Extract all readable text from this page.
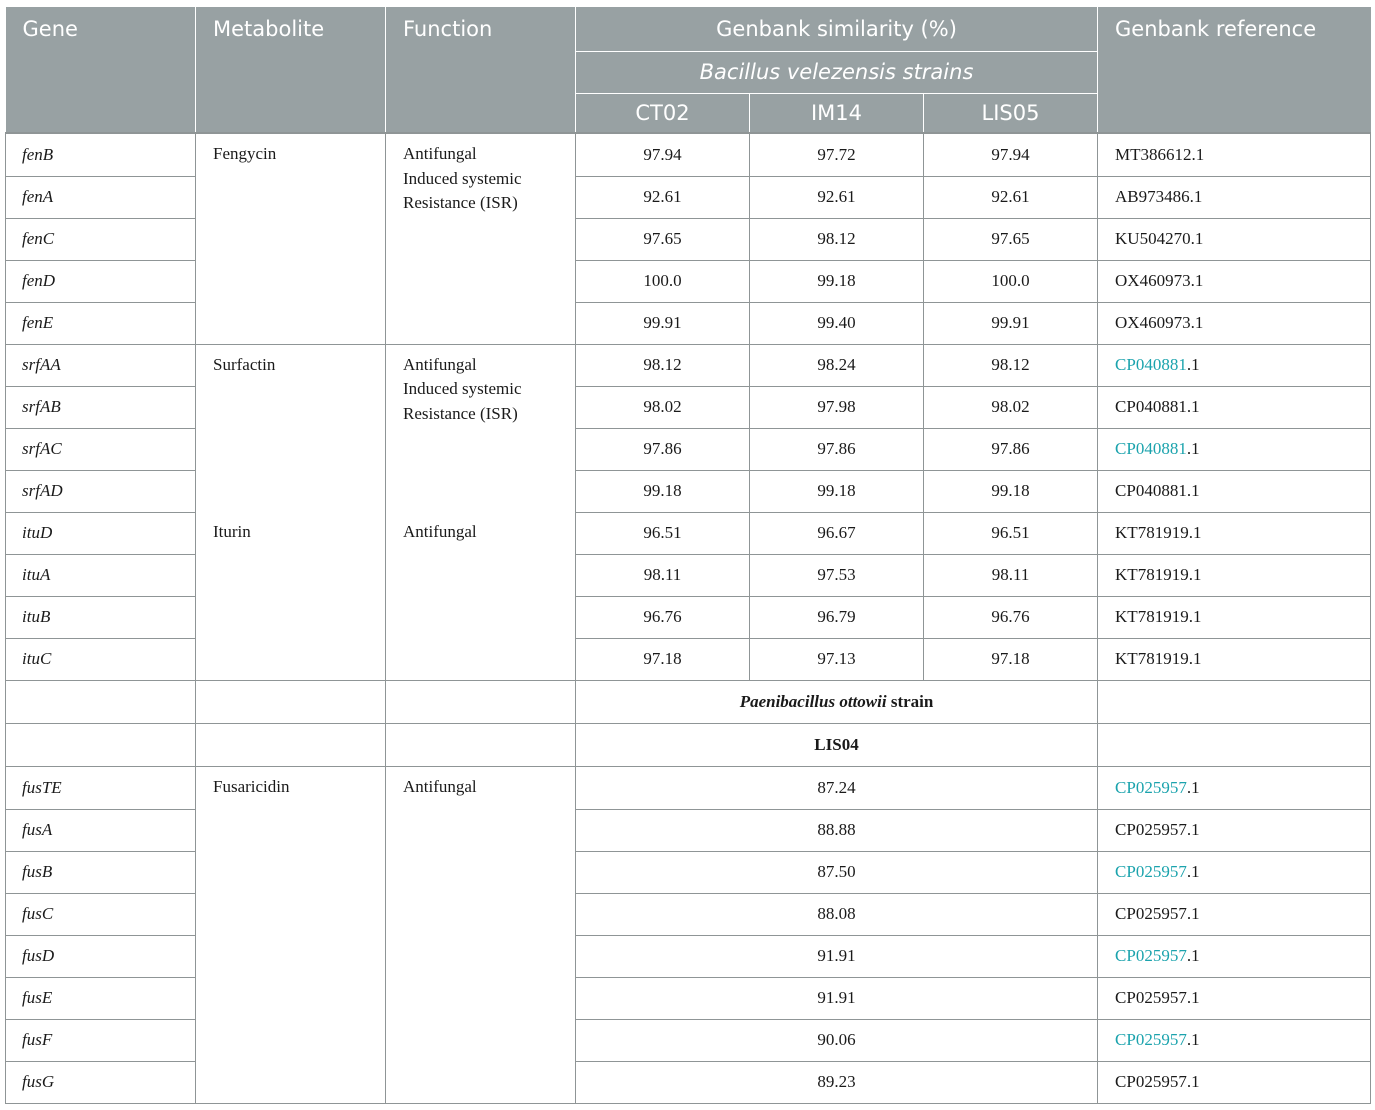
Gene	Metabolite	Function	Genbank similarity (%)			Genbank reference
			Bacillus velezensis strains			
			CT02	IM14	LIS05	
fenB	Fengycin	Antifungal
Induced systemic
Resistance (ISR)	97.94	97.72	97.94	MT386612.1
fenA			92.61	92.61	92.61	AB973486.1
fenC			97.65	98.12	97.65	KU504270.1
fenD			100.0	99.18	100.0	OX460973.1
fenE			99.91	99.40	99.91	OX460973.1
srfAA	Surfactin	Antifungal
Induced systemic
Resistance (ISR)	98.12	98.24	98.12	CP040881.1
srfAB			98.02	97.98	98.02	CP040881.1
srfAC			97.86	97.86	97.86	CP040881.1
srfAD			99.18	99.18	99.18	CP040881.1
ituD	Iturin	Antifungal	96.51	96.67	96.51	KT781919.1
ituA			98.11	97.53	98.11	KT781919.1
ituB			96.76	96.79	96.76	KT781919.1
ituC			97.18	97.13	97.18	KT781919.1
			Paenibacillus ottowii strain			
			LIS04			
fusTE	Fusaricidin	Antifungal	87.24			CP025957.1
fusA			88.88			CP025957.1
fusB			87.50			CP025957.1
fusC			88.08			CP025957.1
fusD			91.91			CP025957.1
fusE			91.91			CP025957.1
fusF			90.06			CP025957.1
fusG			89.23			CP025957.1
